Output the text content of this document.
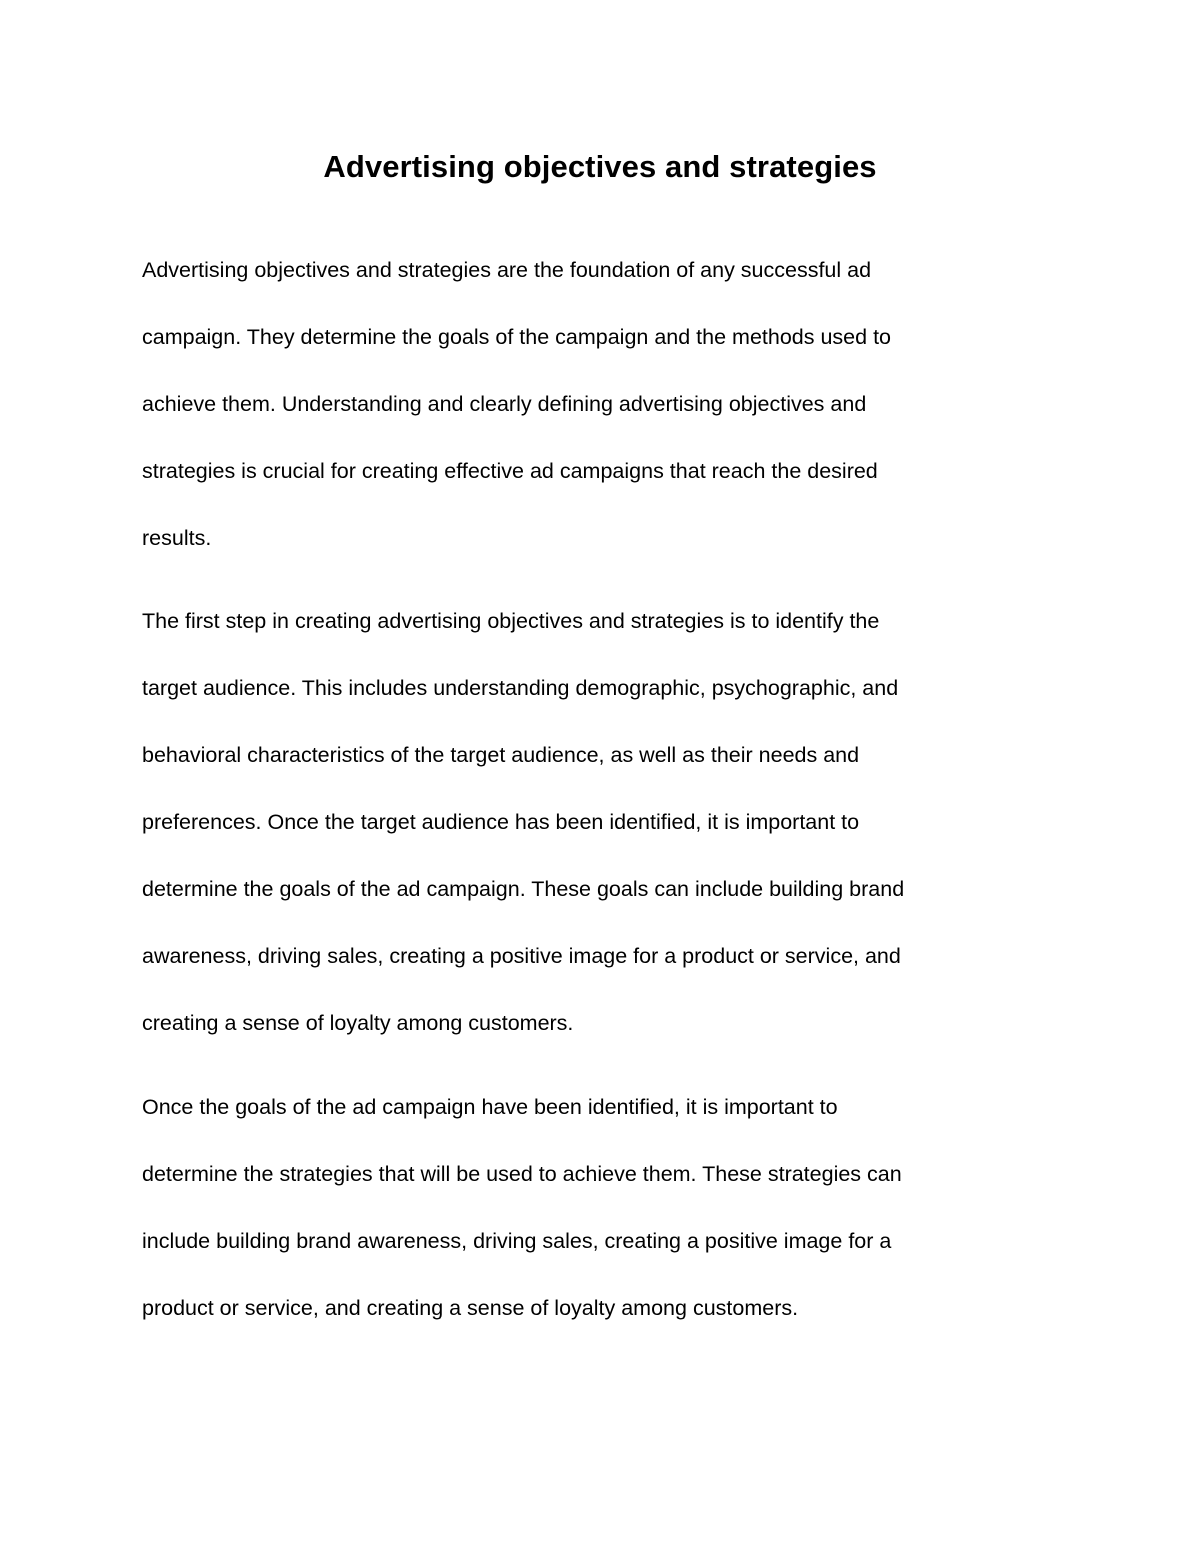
Advertising objectives and strategies
Advertising objectives and strategies are the foundation of any successful ad
campaign. They determine the goals of the campaign and the methods used to
achieve them. Understanding and clearly defining advertising objectives and
strategies is crucial for creating effective ad campaigns that reach the desired
results.
The first step in creating advertising objectives and strategies is to identify the
target audience. This includes understanding demographic, psychographic, and
behavioral characteristics of the target audience, as well as their needs and
preferences. Once the target audience has been identified, it is important to
determine the goals of the ad campaign. These goals can include building brand
awareness, driving sales, creating a positive image for a product or service, and
creating a sense of loyalty among customers.
Once the goals of the ad campaign have been identified, it is important to
determine the strategies that will be used to achieve them. These strategies can
include building brand awareness, driving sales, creating a positive image for a
product or service, and creating a sense of loyalty among customers.
